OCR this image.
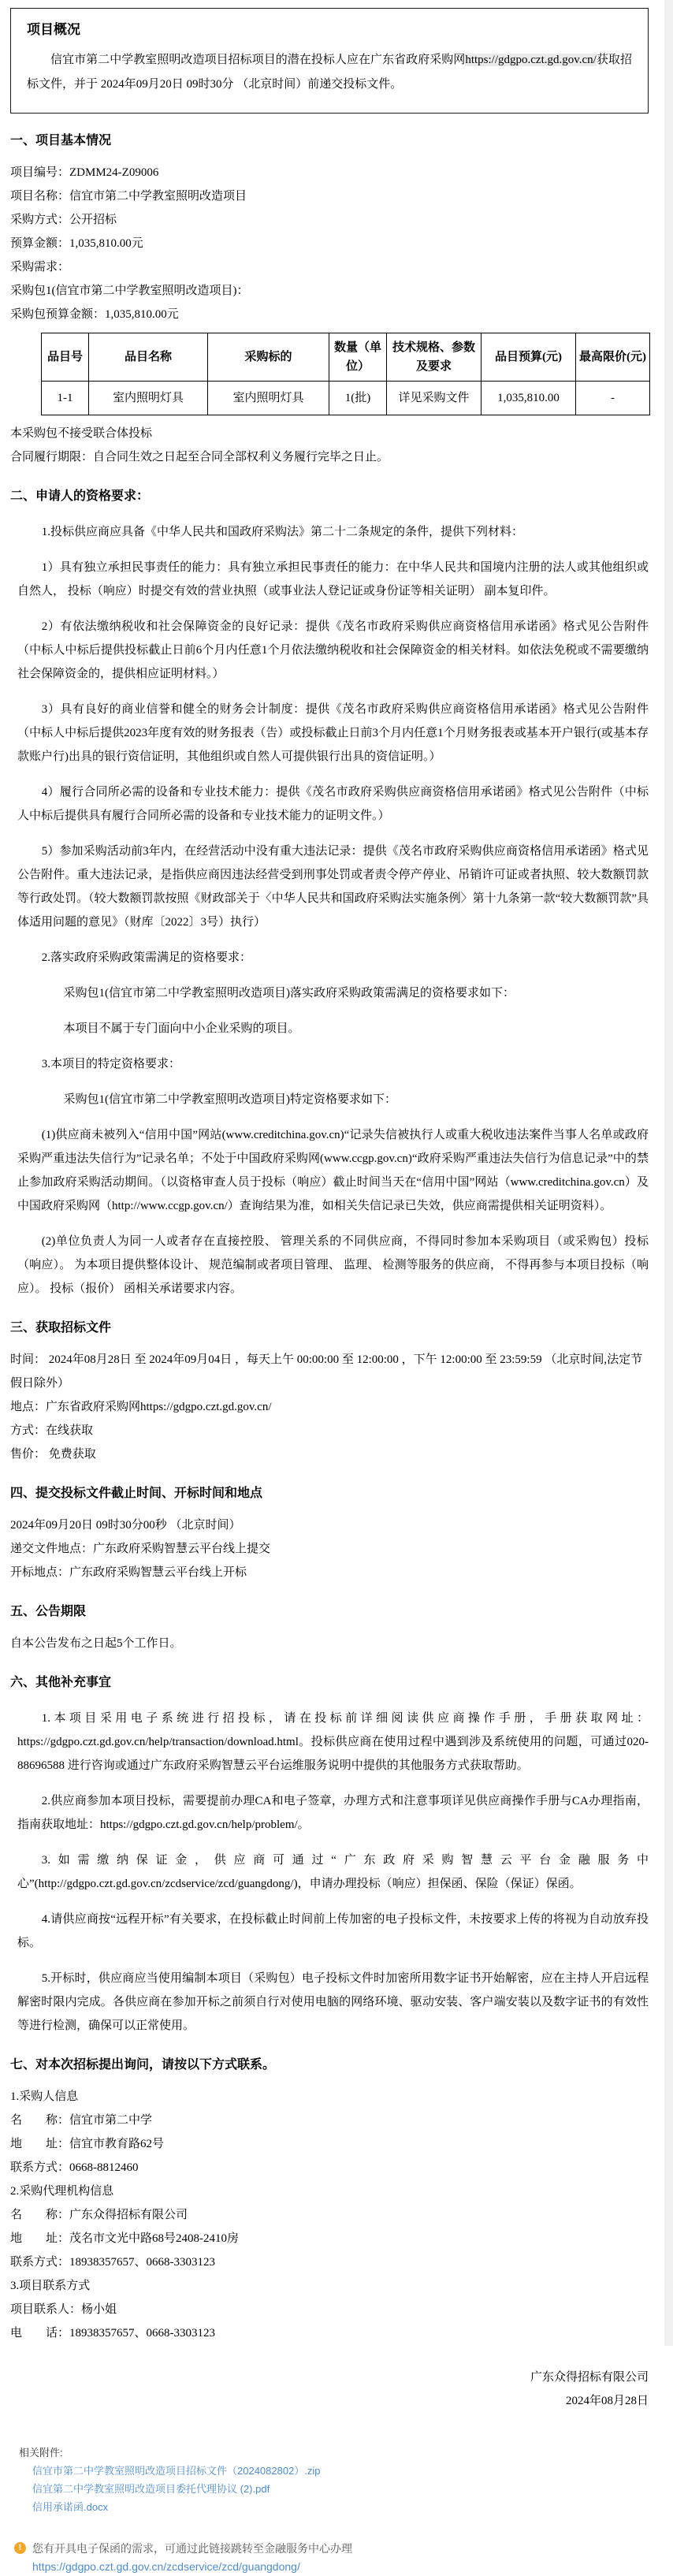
项目概况

信宜市第二中学教室照明改造项目招标项目的潜在投标人应在广东省政府采购网https://gdgpo.czt.gd.gov.cn/获取招标文件，并于 2024年09月20日 09时30分 （北京时间）前递交投标文件。

一、项目基本情况

项目编号：ZDMM24-Z09006

项目名称：信宜市第二中学教室照明改造项目

采购方式：公开招标

预算金额：1,035,810.00元

采购需求：

采购包1(信宜市第二中学教室照明改造项目)：

采购包预算金额：1,035,810.00元

品目号	品目名称	采购标的	数量（单位）	技术规格、参数及要求	品目预算(元)	最高限价(元)
1-1	室内照明灯具	室内照明灯具	1(批)	详见采购文件	1,035,810.00	-

本采购包不接受联合体投标

合同履行期限：自合同生效之日起至合同全部权利义务履行完毕之日止。

二、申请人的资格要求：

1.投标供应商应具备《中华人民共和国政府采购法》第二十二条规定的条件，提供下列材料：

1）具有独立承担民事责任的能力：具有独立承担民事责任的能力：在中华人民共和国境内注册的法人或其他组织或自然人， 投标（响应）时提交有效的营业执照（或事业法人登记证或身份证等相关证明） 副本复印件。

2）有依法缴纳税收和社会保障资金的良好记录：提供《茂名市政府采购供应商资格信用承诺函》格式见公告附件（中标人中标后提供投标截止日前6个月内任意1个月依法缴纳税收和社会保障资金的相关材料。如依法免税或不需要缴纳社会保障资金的，提供相应证明材料。）

3）具有良好的商业信誉和健全的财务会计制度：提供《茂名市政府采购供应商资格信用承诺函》格式见公告附件（中标人中标后提供2023年度有效的财务报表（告）或投标截止日前3个月内任意1个月财务报表或基本开户银行(或基本存款账户行)出具的银行资信证明，其他组织或自然人可提供银行出具的资信证明。）

4）履行合同所必需的设备和专业技术能力：提供《茂名市政府采购供应商资格信用承诺函》格式见公告附件（中标人中标后提供具有履行合同所必需的设备和专业技术能力的证明文件。）

5）参加采购活动前3年内，在经营活动中没有重大违法记录：提供《茂名市政府采购供应商资格信用承诺函》格式见公告附件。重大违法记录，是指供应商因违法经营受到刑事处罚或者责令停产停业、吊销许可证或者执照、较大数额罚款等行政处罚。（较大数额罚款按照《财政部关于〈中华人民共和国政府采购法实施条例〉第十九条第一款“较大数额罚款”具体适用问题的意见》（财库〔2022〕3号）执行）

2.落实政府采购政策需满足的资格要求：

采购包1(信宜市第二中学教室照明改造项目)落实政府采购政策需满足的资格要求如下：

本项目不属于专门面向中小企业采购的项目。

3.本项目的特定资格要求：

采购包1(信宜市第二中学教室照明改造项目)特定资格要求如下：

(1)供应商未被列入“信用中国”网站(www.creditchina.gov.cn)“记录失信被执行人或重大税收违法案件当事人名单或政府采购严重违法失信行为”记录名单；不处于中国政府采购网(www.ccgp.gov.cn)“政府采购严重违法失信行为信息记录”中的禁止参加政府采购活动期间。（以资格审查人员于投标（响应）截止时间当天在“信用中国”网站（www.creditchina.gov.cn）及中国政府采购网（http://www.ccgp.gov.cn/）查询结果为准，如相关失信记录已失效，供应商需提供相关证明资料）。

(2)单位负责人为同一人或者存在直接控股、 管理关系的不同供应商，不得同时参加本采购项目（或采购包）投标（响应）。 为本项目提供整体设计、 规范编制或者项目管理、 监理、 检测等服务的供应商， 不得再参与本项目投标（响应）。 投标（报价） 函相关承诺要求内容。

三、获取招标文件

时间： 2024年08月28日 至 2024年09月04日 ，每天上午 00:00:00 至 12:00:00 ，下午 12:00:00 至 23:59:59 （北京时间,法定节假日除外）

地点：广东省政府采购网https://gdgpo.czt.gd.gov.cn/

方式：在线获取

售价： 免费获取

四、提交投标文件截止时间、开标时间和地点

2024年09月20日 09时30分00秒 （北京时间）

递交文件地点：广东政府采购智慧云平台线上提交

开标地点：广东政府采购智慧云平台线上开标

五、公告期限

自本公告发布之日起5个工作日。

六、其他补充事宜

1.本项目采用电子系统进行招投标，请在投标前详细阅读供应商操作手册，手册获取网址：https://gdgpo.czt.gd.gov.cn/help/transaction/download.html。投标供应商在使用过程中遇到涉及系统使用的问题，可通过020-88696588 进行咨询或通过广东政府采购智慧云平台运维服务说明中提供的其他服务方式获取帮助。

2.供应商参加本项目投标，需要提前办理CA和电子签章，办理方式和注意事项详见供应商操作手册与CA办理指南，指南获取地址：https://gdgpo.czt.gd.gov.cn/help/problem/。

3.如需缴纳保证金，供应商可通过“广东政府采购智慧云平台金融服务中心”(http://gdgpo.czt.gd.gov.cn/zcdservice/zcd/guangdong/)，申请办理投标（响应）担保函、保险（保证）保函。

4.请供应商按“远程开标”有关要求，在投标截止时间前上传加密的电子投标文件，未按要求上传的将视为自动放弃投标。

5.开标时，供应商应当使用编制本项目（采购包）电子投标文件时加密所用数字证书开始解密，应在主持人开启远程解密时限内完成。各供应商在参加开标之前须自行对使用电脑的网络环境、驱动安装、客户端安装以及数字证书的有效性等进行检测，确保可以正常使用。

七、对本次招标提出询问，请按以下方式联系。

1.采购人信息

名　　称：信宜市第二中学

地　　址：信宜市教育路62号

联系方式：0668-8812460

2.采购代理机构信息

名　　称：广东众得招标有限公司

地　　址：茂名市文光中路68号2408-2410房

联系方式：18938357657、0668-3303123

3.项目联系方式

项目联系人：杨小姐

电　　话：18938357657、0668-3303123

广东众得招标有限公司

2024年08月28日

相关附件:
信宜市第二中学教室照明改造项目招标文件（2024082802）.zip
信宜第二中学教室照明改造项目委托代理协议 (2).pdf
信用承诺函.docx
! 您有开具电子保函的需求，可通过此链接跳转至金融服务中心办理
https://gdgpo.czt.gd.gov.cn/zcdservice/zcd/guangdong/
